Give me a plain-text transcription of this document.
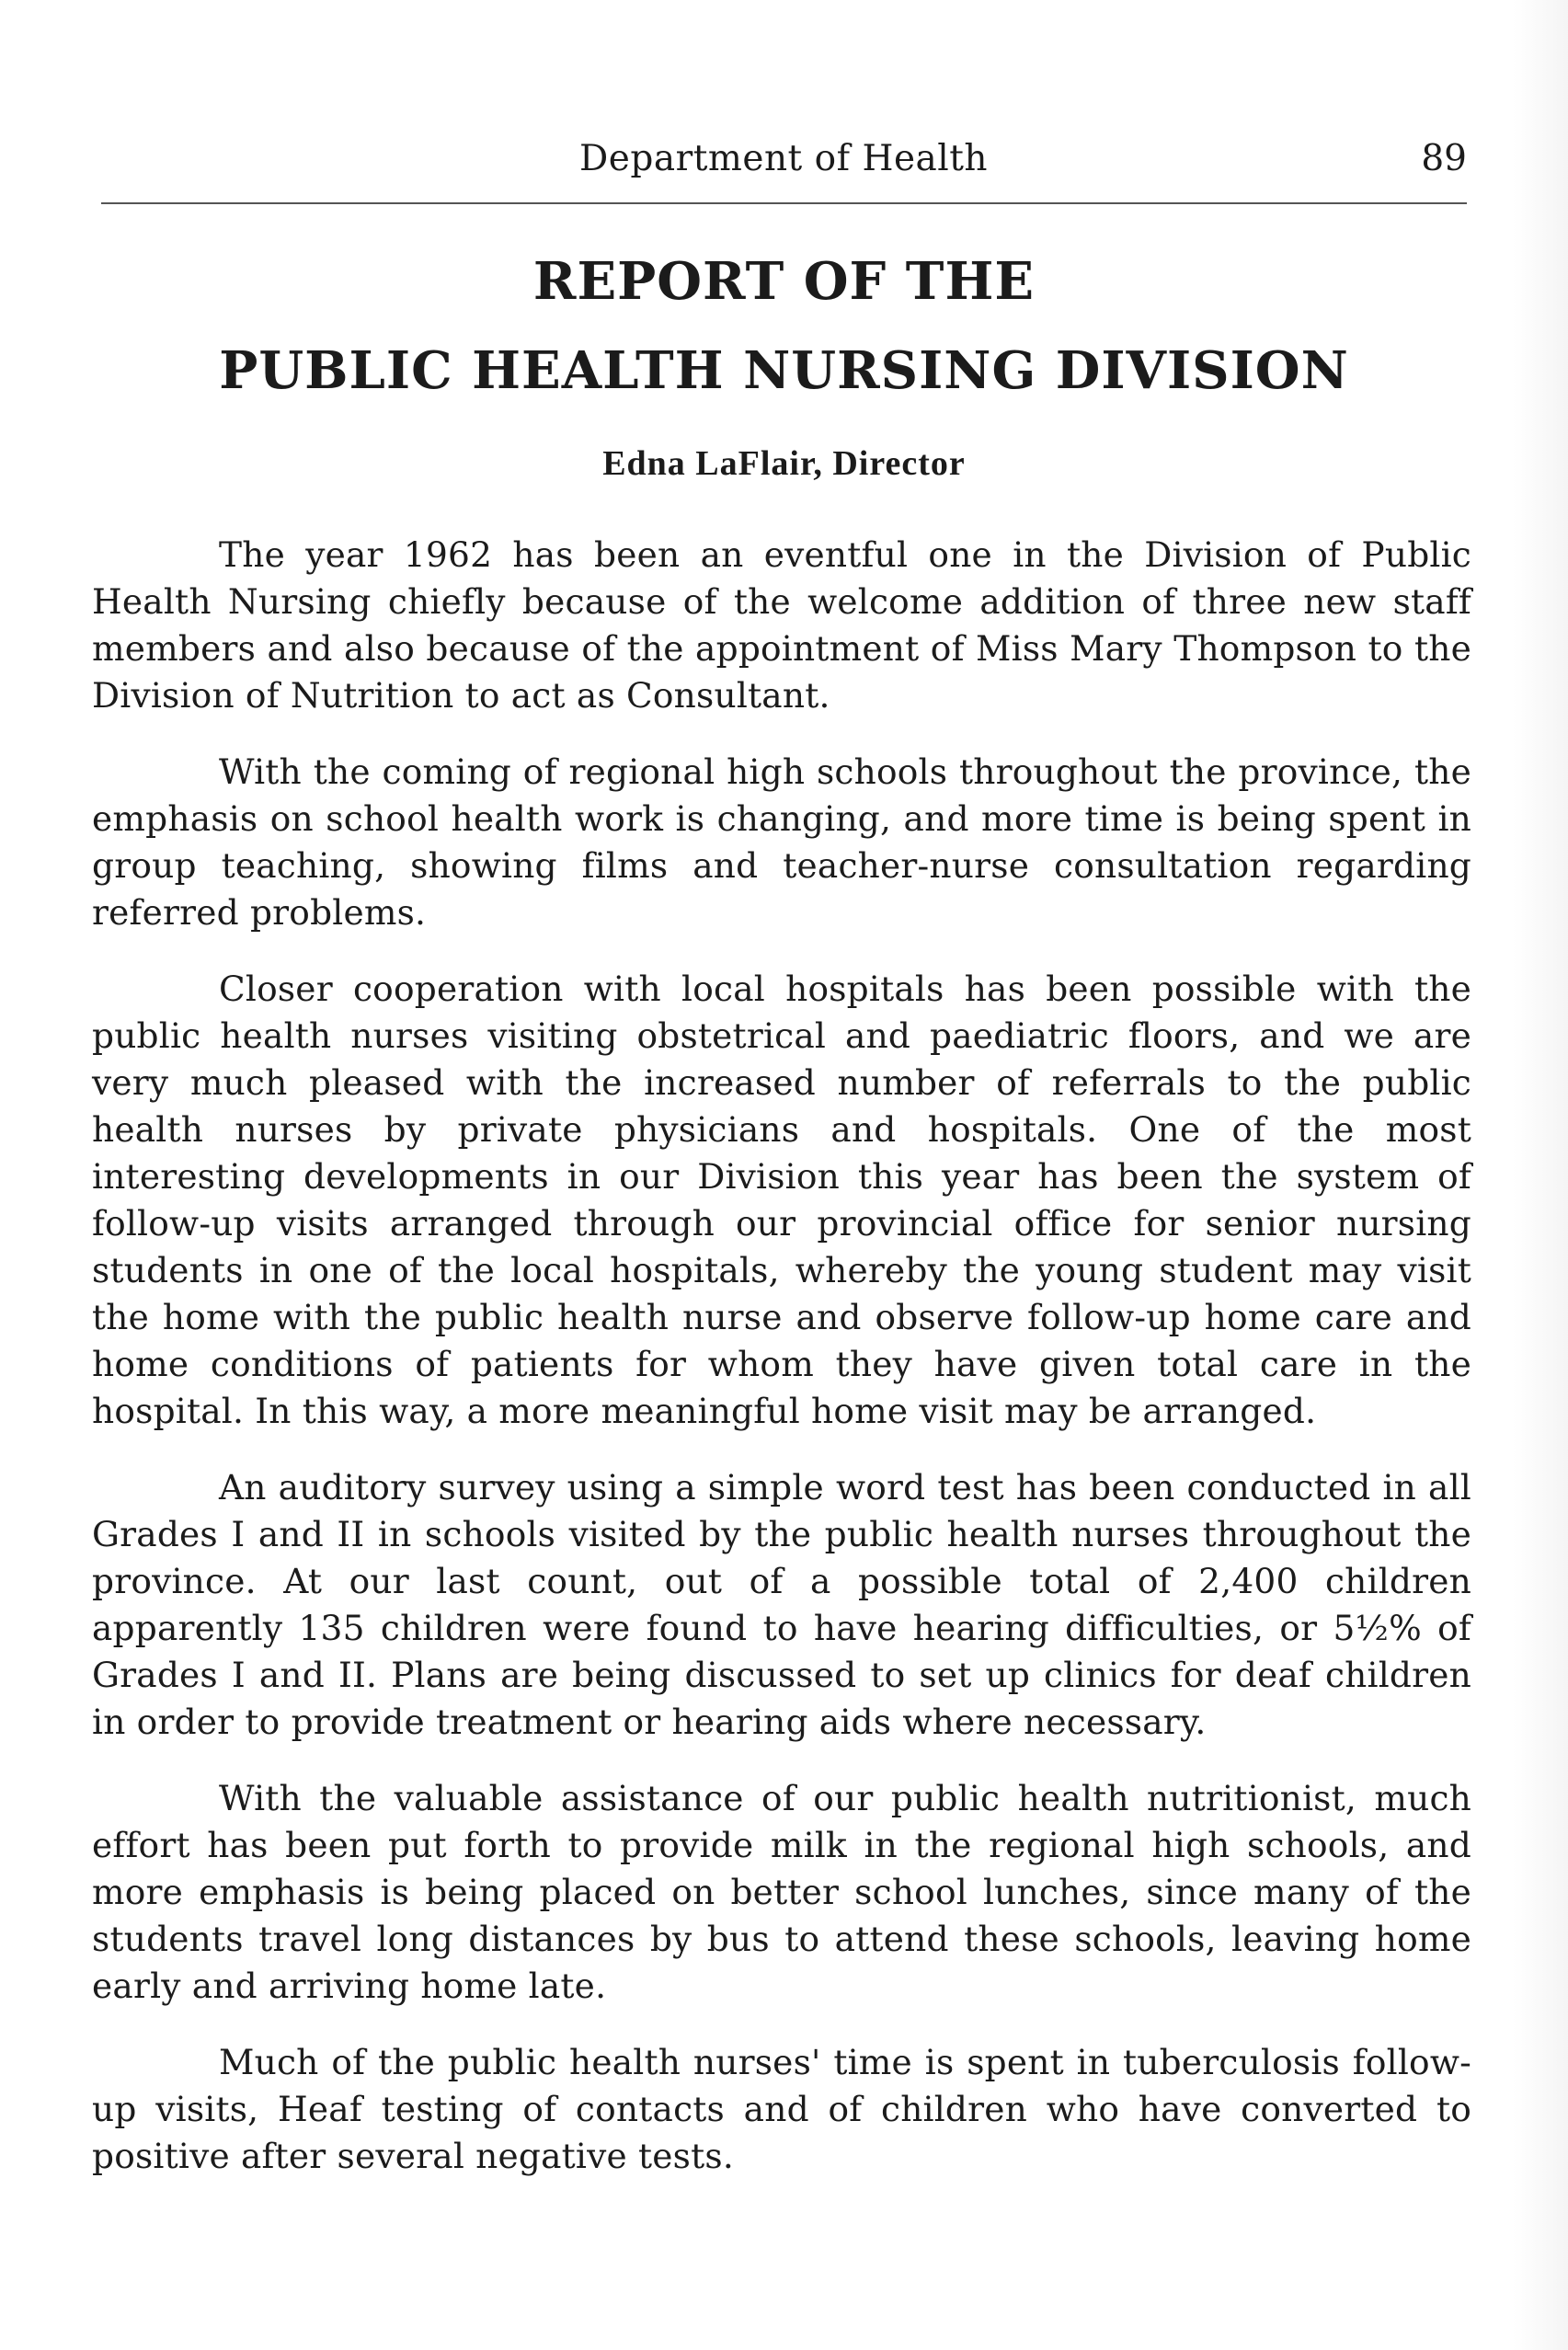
Department of Health	89
REPORT OF THE
PUBLIC HEALTH NURSING DIVISION
Edna LaFlair, Director

The year 1962 has been an eventful one in the Division of Public Health Nursing chiefly because of the welcome addition of three new staff members and also because of the appointment of Miss Mary Thompson to the Division of Nutrition to act as Consultant.

With the coming of regional high schools throughout the province, the emphasis on school health work is changing, and more time is being spent in group teaching, showing films and teacher-nurse consultation regarding referred problems.

Closer cooperation with local hospitals has been possible with the public health nurses visiting obstetrical and paediatric floors, and we are very much pleased with the increased number of referrals to the public health nurses by private physicians and hospitals. One of the most interesting developments in our Division this year has been the system of follow-up visits arranged through our provincial office for senior nursing students in one of the local hospitals, whereby the young student may visit the home with the public health nurse and observe follow-up home care and home conditions of patients for whom they have given total care in the hospital. In this way, a more meaningful home visit may be arranged.

An auditory survey using a simple word test has been conducted in all Grades I and II in schools visited by the public health nurses throughout the province. At our last count, out of a possible total of 2,400 children apparently 135 children were found to have hearing difficulties, or 5½% of Grades I and II. Plans are being discussed to set up clinics for deaf children in order to provide treatment or hearing aids where necessary.

With the valuable assistance of our public health nutritionist, much effort has been put forth to provide milk in the regional high schools, and more emphasis is being placed on better school lunches, since many of the students travel long distances by bus to attend these schools, leaving home early and arriving home late.

Much of the public health nurses' time is spent in tuberculosis follow-up visits, Heaf testing of contacts and of children who have converted to positive after several negative tests.
